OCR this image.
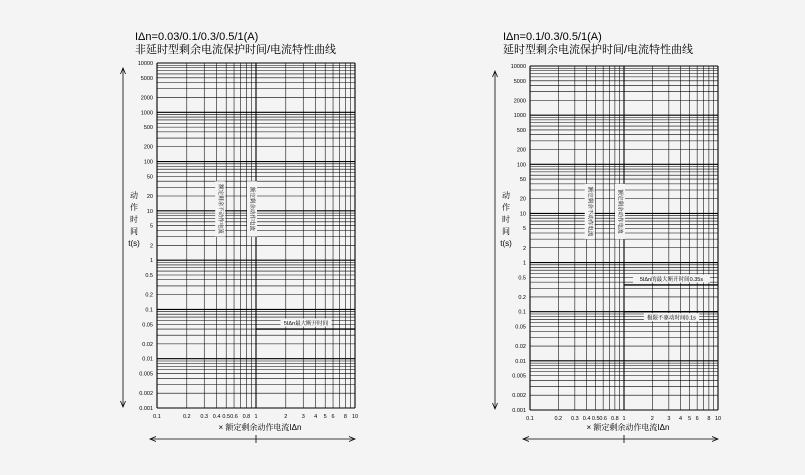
IΔn=0.03/0.1/0.3/0.5/1(A)
非延时型剩余电流保护时间/电流特性曲线
10000
5000
2000
1000
500
200
100
50
20
10
5
2
1
0.5
0.2
0.1
0.05
0.02
0.01
0.005
0.002
0.001
0.1	0.2 0.3 0.4 0.5 0.6 0.8 1	2	3 4 5 6 8 10
动
作
时
间
t(s)
× 额定剩余动作电流IΔn
额定剩余不动作电流	额定剩余动作电流
5IΔn最大断开时间
IΔn=0.1/0.3/0.5/1(A)
延时型剩余电流保护时间/电流特性曲线
10000
5000
2000
1000
500
200
100
50
20
10
5
2
1
0.5
0.2
0.1
0.05
0.02
0.01
0.005
0.002
0.001
0.1	0.2 0.3 0.4 0.5 0.6 0.8 1	2 3 4 5 6 8 10
动
作
时
间
t(s)
× 额定剩余动作电流IΔn
额定剩余不动作电流	额定剩余动作电流
5IΔn的最大断开时间0.35s
极限不驱动时间0.1s
